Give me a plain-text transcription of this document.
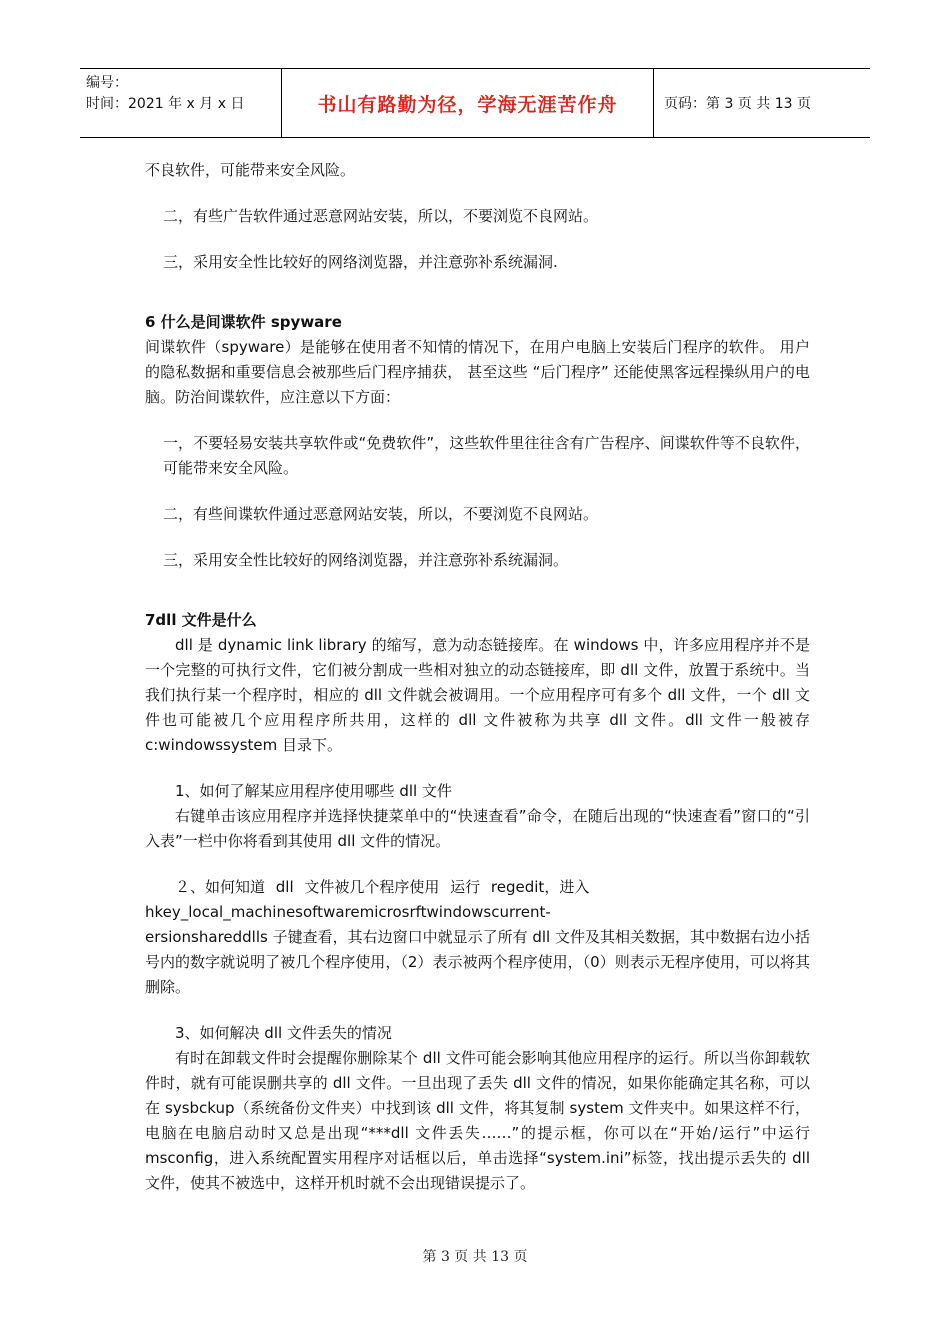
编号：
时间：2021 年 x 月 x 日	书山有路勤为径，学海无涯苦作舟	页码：第 3 页 共 13 页

不良软件，可能带来安全风险。

二，有些广告软件通过恶意网站安装，所以，不要浏览不良网站。

三，采用安全性比较好的网络浏览器，并注意弥补系统漏洞.

6 什么是间谍软件 spyware

间谍软件（spyware）是能够在使用者不知情的情况下，在用户电脑上安装后门程序的软件。 用户的隐私数据和重要信息会被那些后门程序捕获， 甚至这些 “后门程序” 还能使黑客远程操纵用户的电脑。防治间谍软件，应注意以下方面：

一，不要轻易安装共享软件或“免费软件”，这些软件里往往含有广告程序、间谍软件等不良软件，可能带来安全风险。

二，有些间谍软件通过恶意网站安装，所以，不要浏览不良网站。

三，采用安全性比较好的网络浏览器，并注意弥补系统漏洞。

7dll 文件是什么

dll 是 dynamic link library 的缩写，意为动态链接库。在 windows 中，许多应用程序并不是一个完整的可执行文件，它们被分割成一些相对独立的动态链接库，即 dll 文件，放置于系统中。当我们执行某一个程序时，相应的 dll 文件就会被调用。一个应用程序可有多个 dll 文件，一个 dll 文件也可能被几个应用程序所共用，这样的 dll 文件被称为共享 dll 文件。dll 文件一般被存 c:windowssystem 目录下。

1、如何了解某应用程序使用哪些 dll 文件

右键单击该应用程序并选择快捷菜单中的“快速查看”命令，在随后出现的“快速查看”窗口的“引入表”一栏中你将看到其使用 dll 文件的情况。

２、如何知道 dll 文件被几个程序使用 运行 regedit，进入

hkey_local_machinesoftwaremicrosrftwindowscurrent-

ersionshareddlls 子键查看，其右边窗口中就显示了所有 dll 文件及其相关数据，其中数据右边小括号内的数字就说明了被几个程序使用，（2）表示被两个程序使用，（0）则表示无程序使用，可以将其删除。

3、如何解决 dll 文件丢失的情况

有时在卸载文件时会提醒你删除某个 dll 文件可能会影响其他应用程序的运行。所以当你卸载软件时，就有可能误删共享的 dll 文件。一旦出现了丢失 dll 文件的情况，如果你能确定其名称，可以在 sysbckup（系统备份文件夹）中找到该 dll 文件，将其复制 system 文件夹中。如果这样不行，电脑在电脑启动时又总是出现“***dll 文件丢失……”的提示框，你可以在“开始/运行”中运行 msconfig，进入系统配置实用程序对话框以后，单击选择“system.ini”标签，找出提示丢失的 dll 文件，使其不被选中，这样开机时就不会出现错误提示了。

第 3 页 共 13 页
